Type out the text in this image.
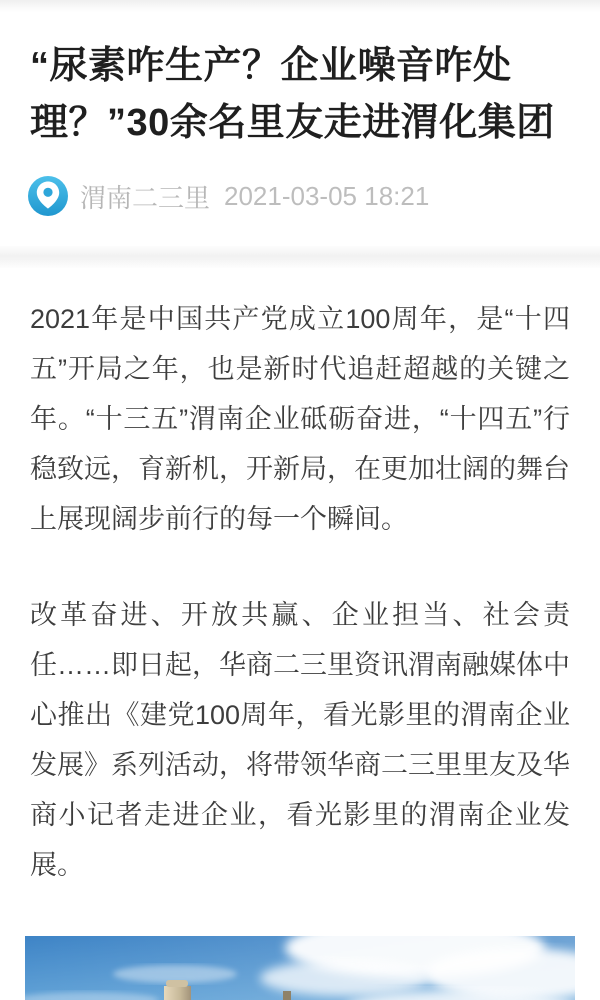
“尿素咋生产？企业噪音咋处理？”30余名里友走进渭化集团
渭南二三里 2021-03-05 18:21

2021年是中国共产党成立100周年，是“十四五”开局之年，也是新时代追赶超越的关键之年。“十三五”渭南企业砥砺奋进，“十四五”行稳致远，育新机，开新局，在更加壮阔的舞台上展现阔步前行的每一个瞬间。

改革奋进、开放共赢、企业担当、社会责任……即日起，华商二三里资讯渭南融媒体中心推出《建党100周年，看光影里的渭南企业发展》系列活动，将带领华商二三里里友及华商小记者走进企业，看光影里的渭南企业发展。
